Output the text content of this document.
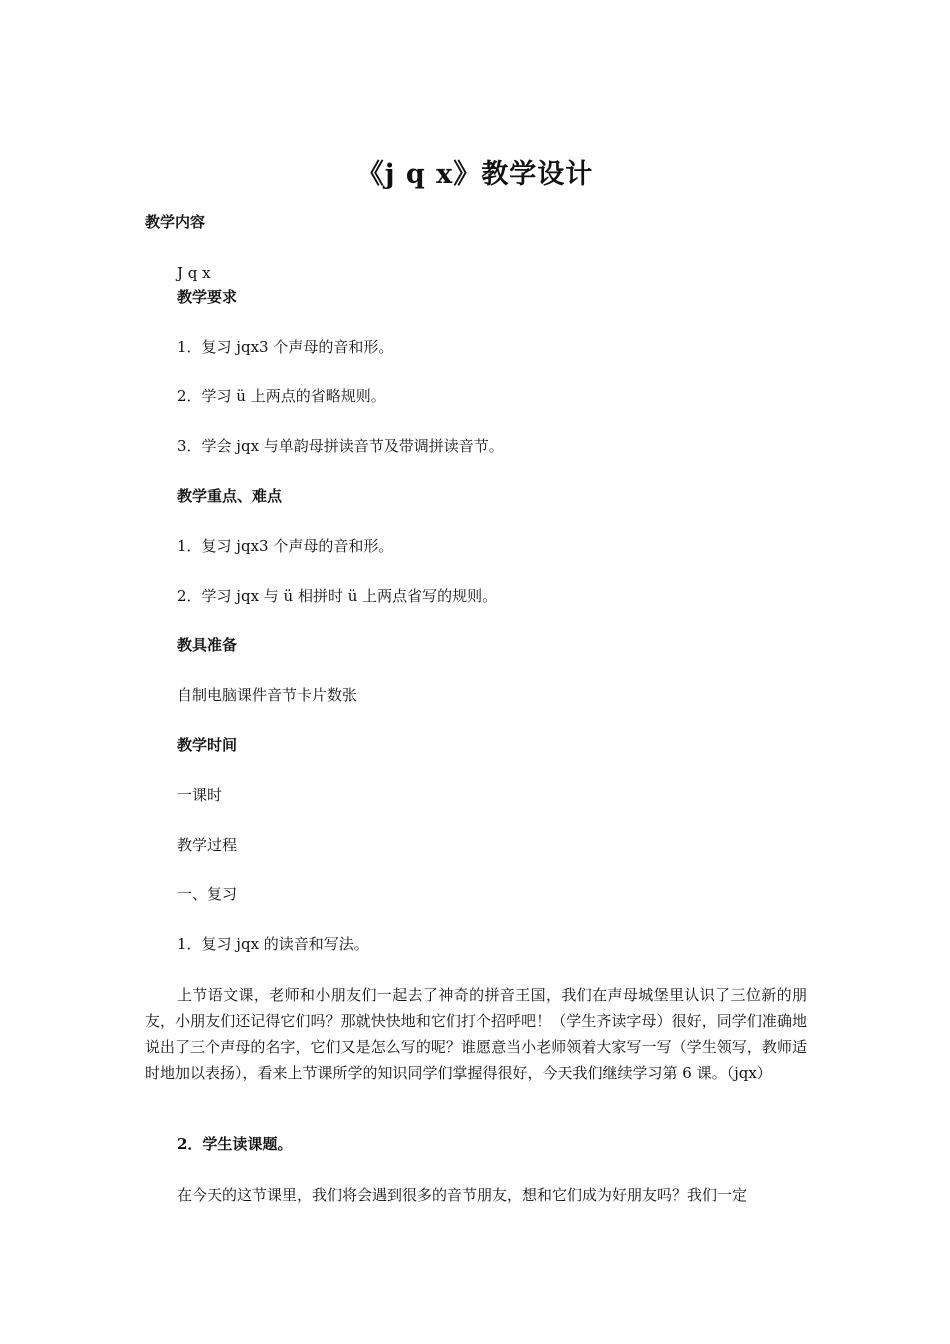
《j q x》教学设计
教学内容
J q x
教学要求
1．复习 jqx3 个声母的音和形。
2．学习 ü 上两点的省略规则。
3．学会 jqx 与单韵母拼读音节及带调拼读音节。
教学重点、难点
1．复习 jqx3 个声母的音和形。
2．学习 jqx 与 ü 相拼时 ü 上两点省写的规则。
教具准备
自制电脑课件音节卡片数张
教学时间
一课时
教学过程
一、复习
1．复习 jqx 的读音和写法。
上节语文课，老师和小朋友们一起去了神奇的拼音王国，我们在声母城堡里认识了三位新的朋友，小朋友们还记得它们吗？那就快快地和它们打个招呼吧！（学生齐读字母）很好，同学们准确地说出了三个声母的名字，它们又是怎么写的呢？谁愿意当小老师领着大家写一写（学生领写，教师适时地加以表扬），看来上节课所学的知识同学们掌握得很好，今天我们继续学习第 6 课。（jqx）
2．学生读课题。
在今天的这节课里，我们将会遇到很多的音节朋友，想和它们成为好朋友吗？我们一定
